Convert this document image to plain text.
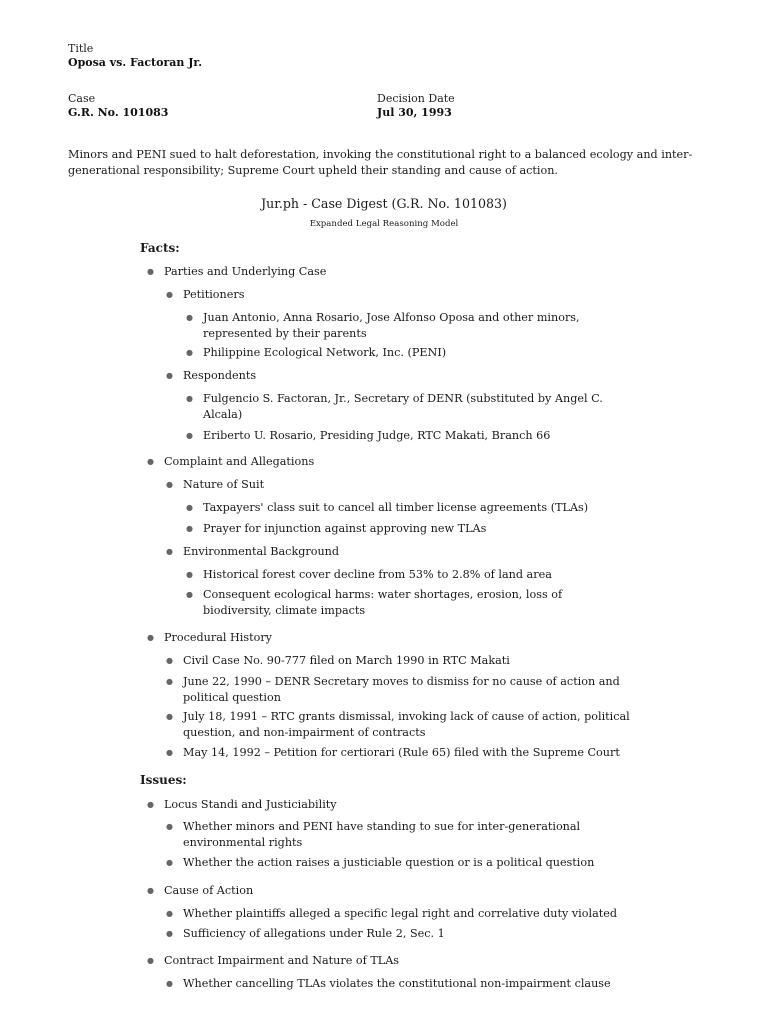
Title
Oposa vs. Factoran Jr.
Case
G.R. No. 101083
Decision Date
Jul 30, 1993
Minors and PENI sued to halt deforestation, invoking the constitutional right to a balanced ecology and inter-generational responsibility; Supreme Court upheld their standing and cause of action.
Jur.ph - Case Digest (G.R. No. 101083)
Expanded Legal Reasoning Model
Facts:
● Parties and Underlying Case
● Petitioners
● Juan Antonio, Anna Rosario, Jose Alfonso Oposa and other minors, represented by their parents
● Philippine Ecological Network, Inc. (PENI)
● Respondents
● Fulgencio S. Factoran, Jr., Secretary of DENR (substituted by Angel C. Alcala)
● Eriberto U. Rosario, Presiding Judge, RTC Makati, Branch 66
● Complaint and Allegations
● Nature of Suit
● Taxpayers' class suit to cancel all timber license agreements (TLAs)
● Prayer for injunction against approving new TLAs
● Environmental Background
● Historical forest cover decline from 53% to 2.8% of land area
● Consequent ecological harms: water shortages, erosion, loss of biodiversity, climate impacts
● Procedural History
● Civil Case No. 90-777 filed on March 1990 in RTC Makati
● June 22, 1990 – DENR Secretary moves to dismiss for no cause of action and political question
● July 18, 1991 – RTC grants dismissal, invoking lack of cause of action, political question, and non-impairment of contracts
● May 14, 1992 – Petition for certiorari (Rule 65) filed with the Supreme Court
Issues:
● Locus Standi and Justiciability
● Whether minors and PENI have standing to sue for inter-generational environmental rights
● Whether the action raises a justiciable question or is a political question
● Cause of Action
● Whether plaintiffs alleged a specific legal right and correlative duty violated
● Sufficiency of allegations under Rule 2, Sec. 1
● Contract Impairment and Nature of TLAs
● Whether cancelling TLAs violates the constitutional non-impairment clause
